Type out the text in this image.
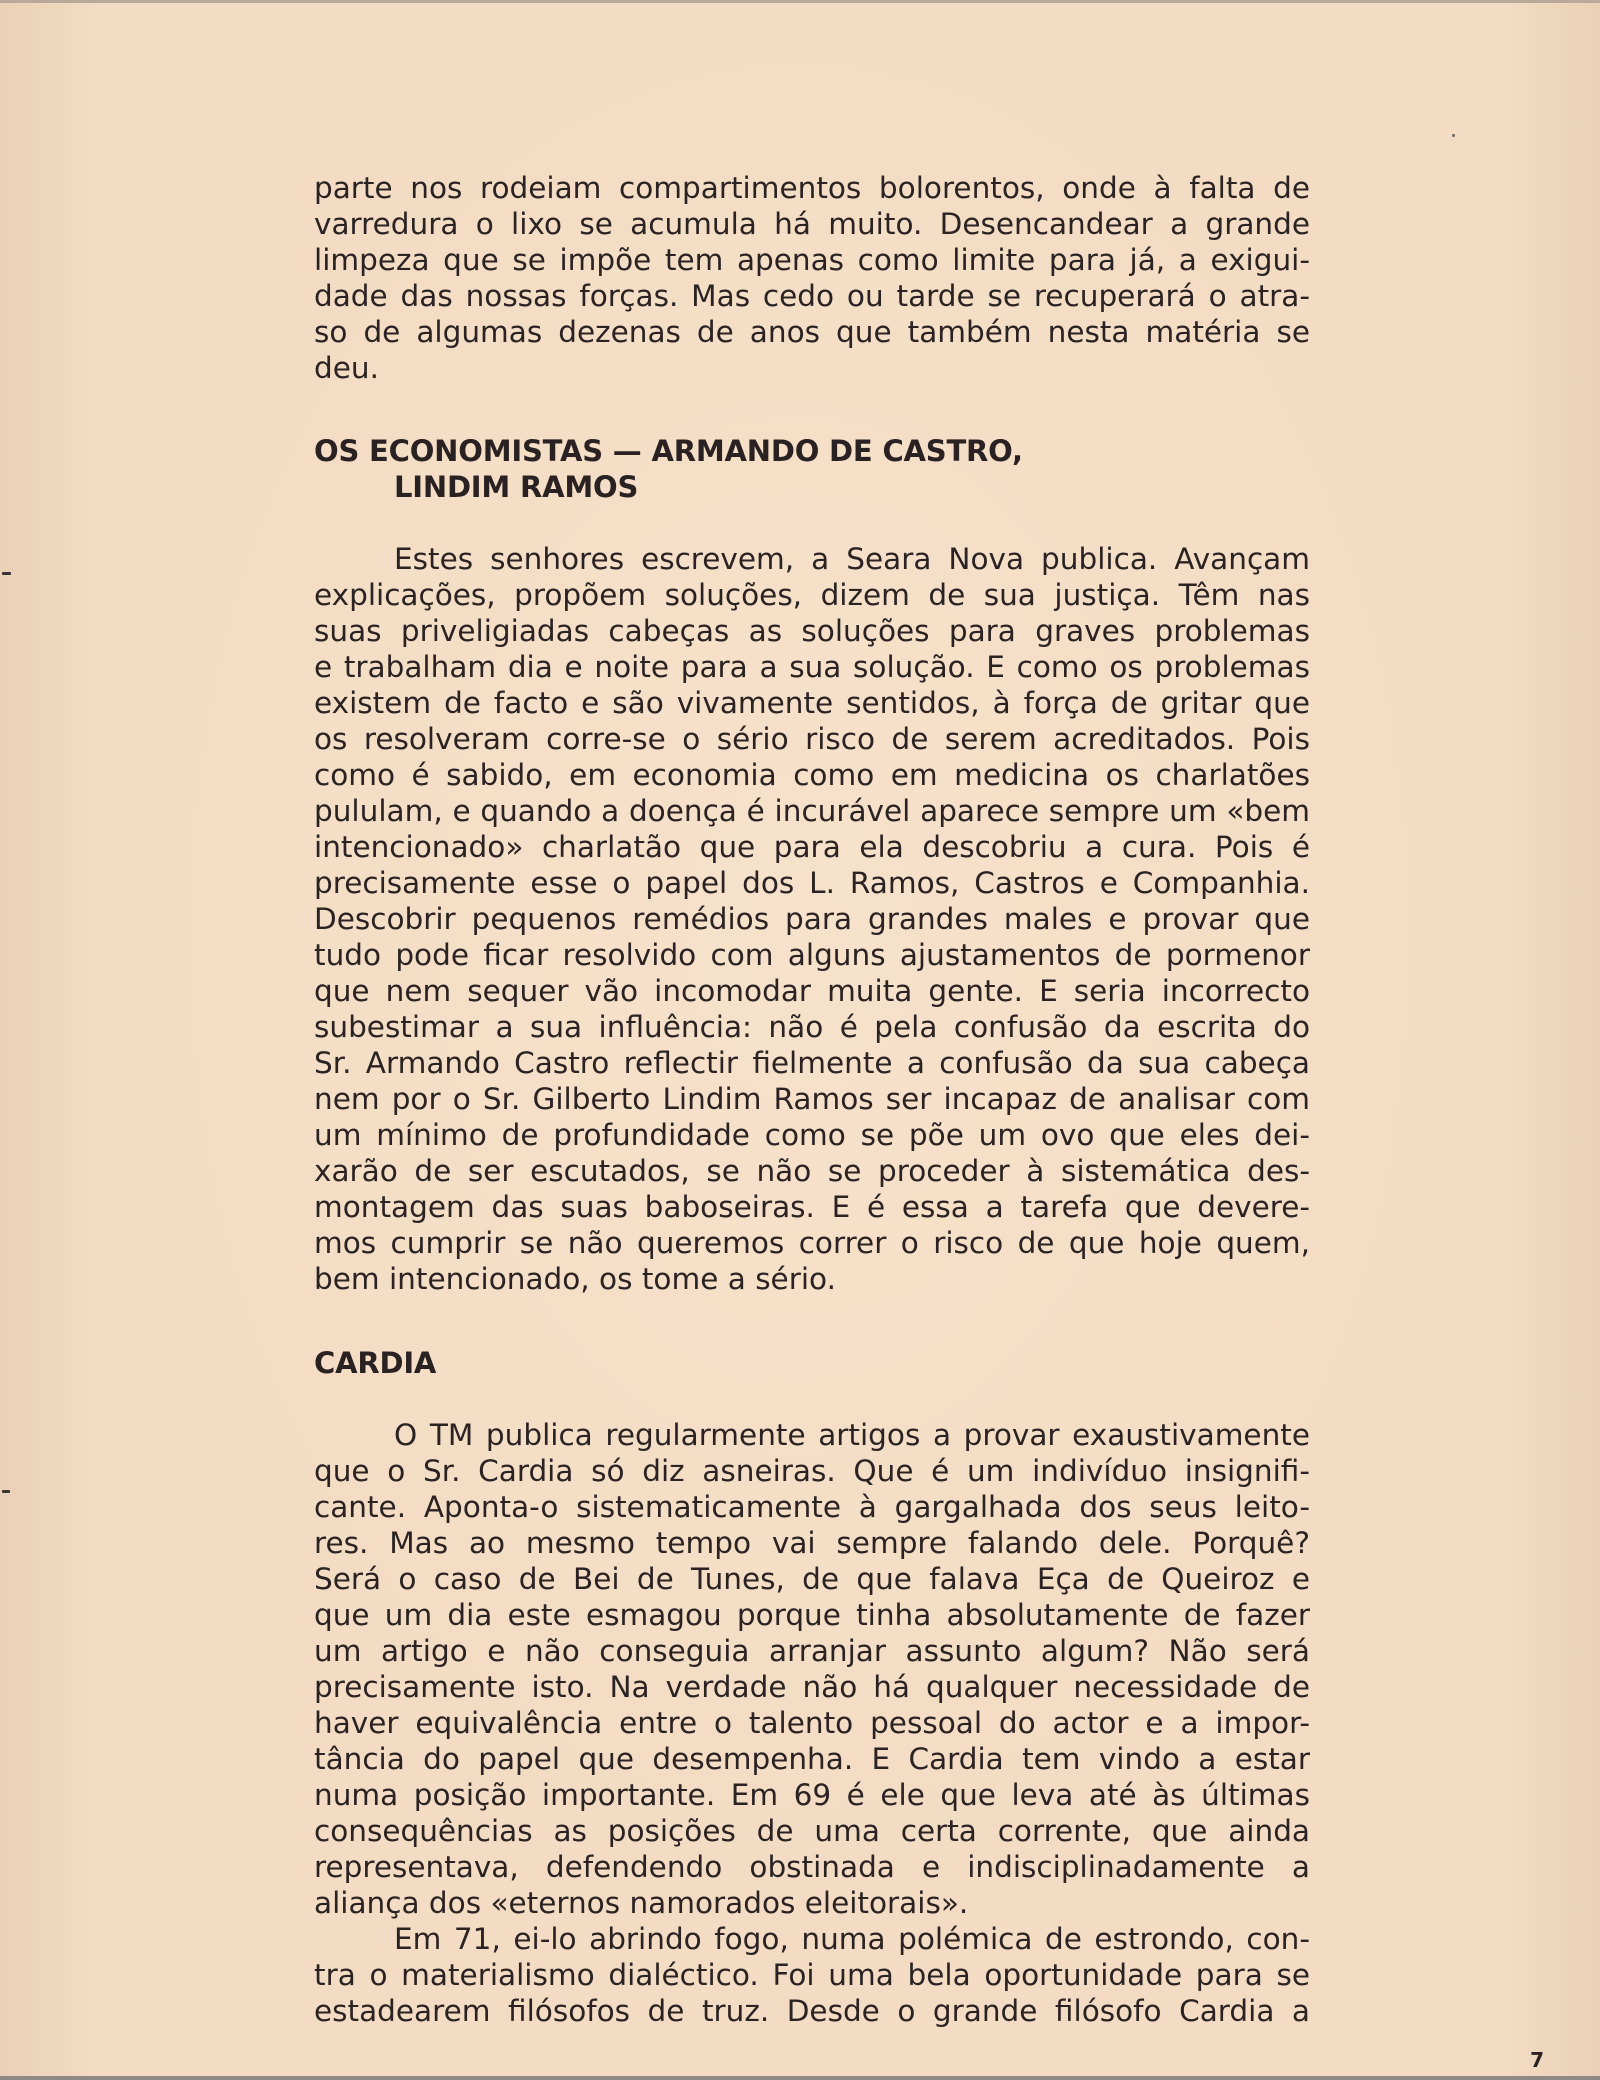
parte nos rodeiam compartimentos bolorentos, onde à falta de
varredura o lixo se acumula há muito. Desencandear a grande
limpeza que se impõe tem apenas como limite para já, a exigui-
dade das nossas forças. Mas cedo ou tarde se recuperará o atra-
so de algumas dezenas de anos que também nesta matéria se
deu.
OS ECONOMISTAS — ARMANDO DE CASTRO,
LINDIM RAMOS
Estes senhores escrevem, a Seara Nova publica. Avançam
explicações, propõem soluções, dizem de sua justiça. Têm nas
suas priveligiadas cabeças as soluções para graves problemas
e trabalham dia e noite para a sua solução. E como os problemas
existem de facto e são vivamente sentidos, à força de gritar que
os resolveram corre-se o sério risco de serem acreditados. Pois
como é sabido, em economia como em medicina os charlatões
pululam, e quando a doença é incurável aparece sempre um «bem
intencionado» charlatão que para ela descobriu a cura. Pois é
precisamente esse o papel dos L. Ramos, Castros e Companhia.
Descobrir pequenos remédios para grandes males e provar que
tudo pode ficar resolvido com alguns ajustamentos de pormenor
que nem sequer vão incomodar muita gente. E seria incorrecto
subestimar a sua influência: não é pela confusão da escrita do
Sr. Armando Castro reflectir fielmente a confusão da sua cabeça
nem por o Sr. Gilberto Lindim Ramos ser incapaz de analisar com
um mínimo de profundidade como se põe um ovo que eles dei-
xarão de ser escutados, se não se proceder à sistemática des-
montagem das suas baboseiras. E é essa a tarefa que devere-
mos cumprir se não queremos correr o risco de que hoje quem,
bem intencionado, os tome a sério.
CARDIA
O TM publica regularmente artigos a provar exaustivamente
que o Sr. Cardia só diz asneiras. Que é um indivíduo insignifi-
cante. Aponta-o sistematicamente à gargalhada dos seus leito-
res. Mas ao mesmo tempo vai sempre falando dele. Porquê?
Será o caso de Bei de Tunes, de que falava Eça de Queiroz e
que um dia este esmagou porque tinha absolutamente de fazer
um artigo e não conseguia arranjar assunto algum? Não será
precisamente isto. Na verdade não há qualquer necessidade de
haver equivalência entre o talento pessoal do actor e a impor-
tância do papel que desempenha. E Cardia tem vindo a estar
numa posição importante. Em 69 é ele que leva até às últimas
consequências as posições de uma certa corrente, que ainda
representava, defendendo obstinada e indisciplinadamente a
aliança dos «eternos namorados eleitorais».
Em 71, ei-lo abrindo fogo, numa polémica de estrondo, con-
tra o materialismo dialéctico. Foi uma bela oportunidade para se
estadearem filósofos de truz. Desde o grande filósofo Cardia a
7
